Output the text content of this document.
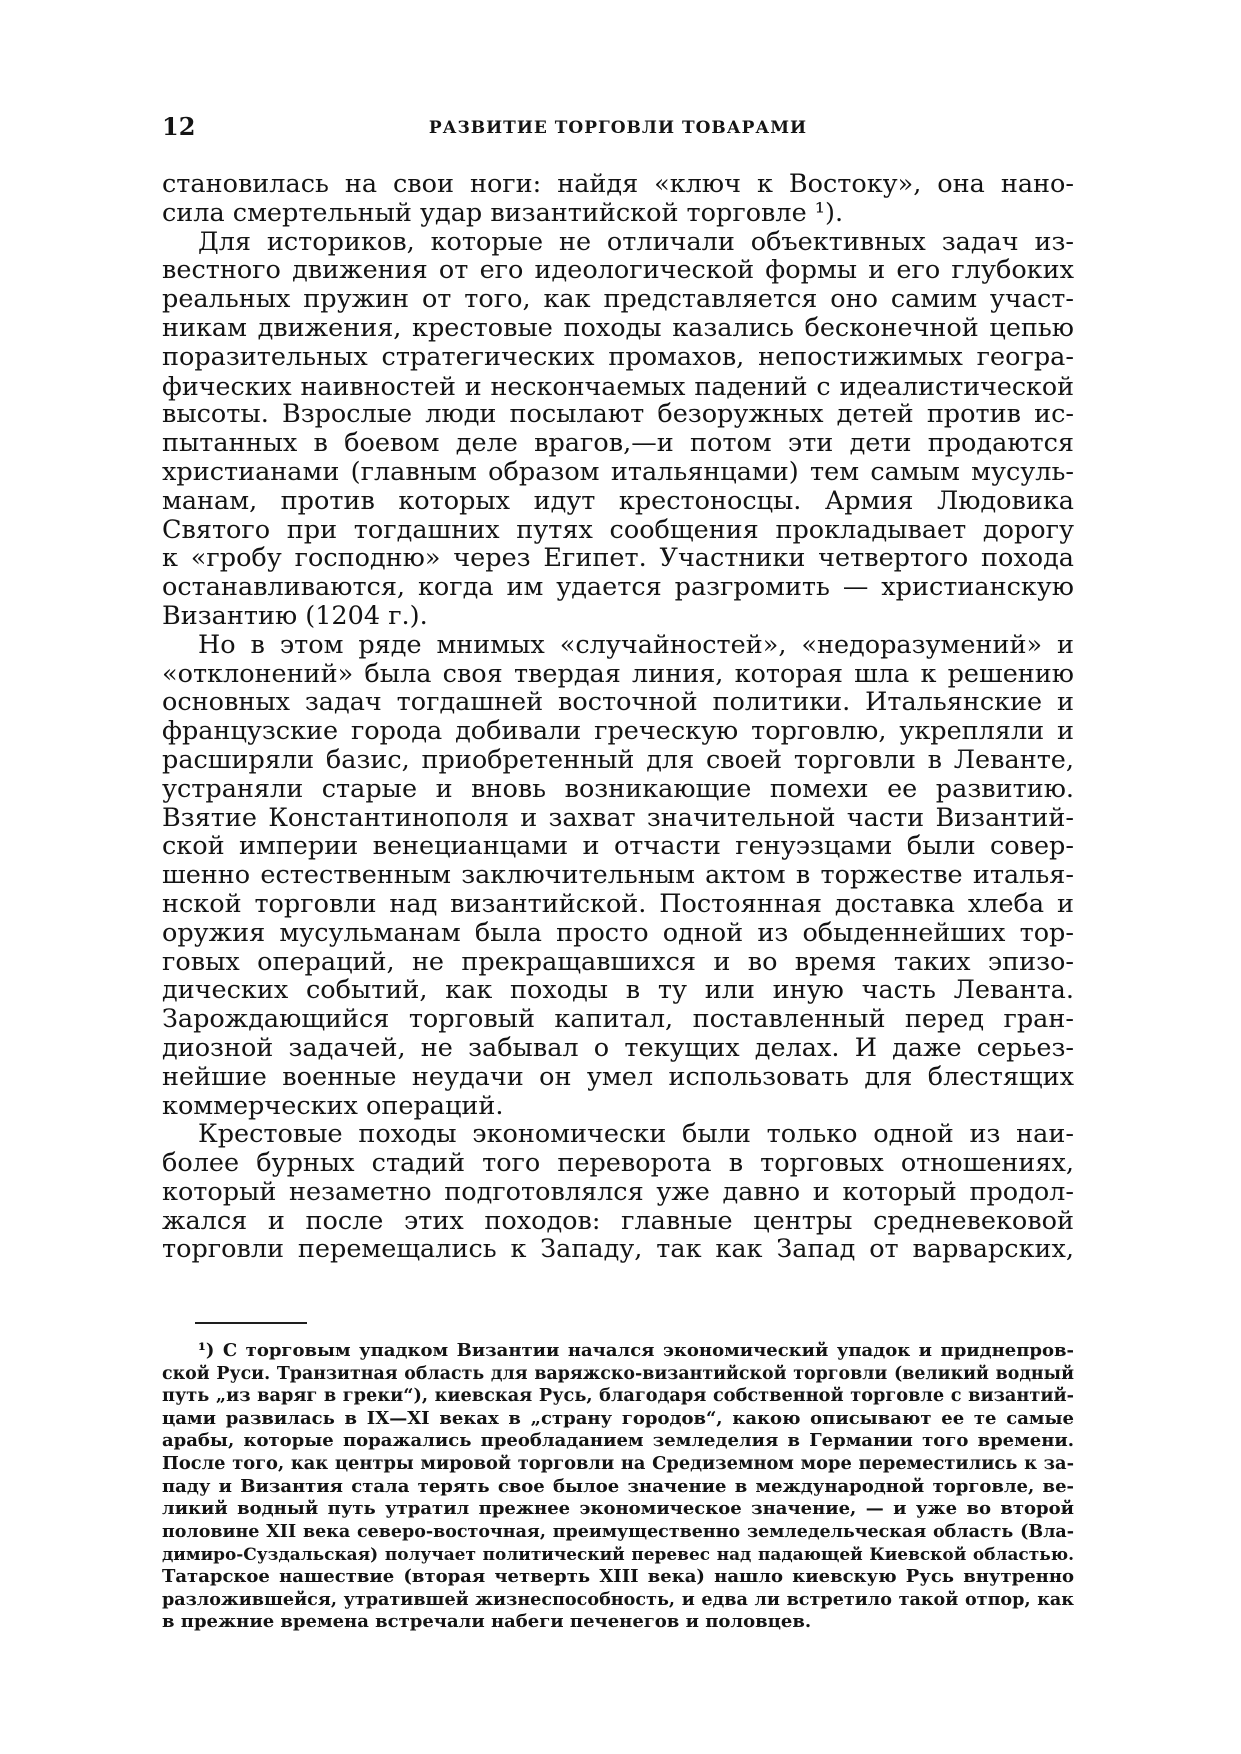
12	РАЗВИТИЕ ТОРГОВЛИ ТОВАРАМИ
становилась на свои ноги: найдя «ключ к Востоку», она нано-
сила смертельный удар византийской торговле ¹).
Для историков, которые не отличали объективных задач из-
вестного движения от его идеологической формы и его глубоких
реальных пружин от того, как представляется оно самим участ-
никам движения, крестовые походы казались бесконечной цепью
поразительных стратегических промахов, непостижимых геогра-
фических наивностей и нескончаемых падений с идеалистической
высоты. Взрослые люди посылают безоружных детей против ис-
пытанных в боевом деле врагов,—и потом эти дети продаются
христианами (главным образом итальянцами) тем самым мусуль-
манам, против которых идут крестоносцы. Армия Людовика
Святого при тогдашних путях сообщения прокладывает дорогу
к «гробу господню» через Египет. Участники четвертого похода
останавливаются, когда им удается разгромить — христианскую
Византию (1204 г.).
Но в этом ряде мнимых «случайностей», «недоразумений» и
«отклонений» была своя твердая линия, которая шла к решению
основных задач тогдашней восточной политики. Итальянские и
французские города добивали греческую торговлю, укрепляли и
расширяли базис, приобретенный для своей торговли в Леванте,
устраняли старые и вновь возникающие помехи ее развитию.
Взятие Константинополя и захват значительной части Византий-
ской империи венецианцами и отчасти генуэзцами были совер-
шенно естественным заключительным актом в торжестве италья-
нской торговли над византийской. Постоянная доставка хлеба и
оружия мусульманам была просто одной из обыденнейших тор-
говых операций, не прекращавшихся и во время таких эпизо-
дических событий, как походы в ту или иную часть Леванта.
Зарождающийся торговый капитал, поставленный перед гран-
диозной задачей, не забывал о текущих делах. И даже серьез-
нейшие военные неудачи он умел использовать для блестящих
коммерческих операций.
Крестовые походы экономически были только одной из наи-
более бурных стадий того переворота в торговых отношениях,
который незаметно подготовлялся уже давно и который продол-
жался и после этих походов: главные центры средневековой
торговли перемещались к Западу, так как Запад от варварских,
¹) С торговым упадком Византии начался экономический упадок и приднепров-
ской Руси. Транзитная область для варяжско-византийской торговли (великий водный
путь „из варяг в греки“), киевская Русь, благодаря собственной торговле с византий-
цами развилась в IX—XI веках в „страну городов“, какою описывают ее те самые
арабы, которые поражались преобладанием земледелия в Германии того времени.
После того, как центры мировой торговли на Средиземном море переместились к за-
паду и Византия стала терять свое былое значение в международной торговле, ве-
ликий водный путь утратил прежнее экономическое значение, — и уже во второй
половине XII века северо-восточная, преимущественно земледельческая область (Вла-
димиро-Суздальская) получает политический перевес над падающей Киевской областью.
Татарское нашествие (вторая четверть XIII века) нашло киевскую Русь внутренно
разложившейся, утратившей жизнеспособность, и едва ли встретило такой отпор, как
в прежние времена встречали набеги печенегов и половцев.
